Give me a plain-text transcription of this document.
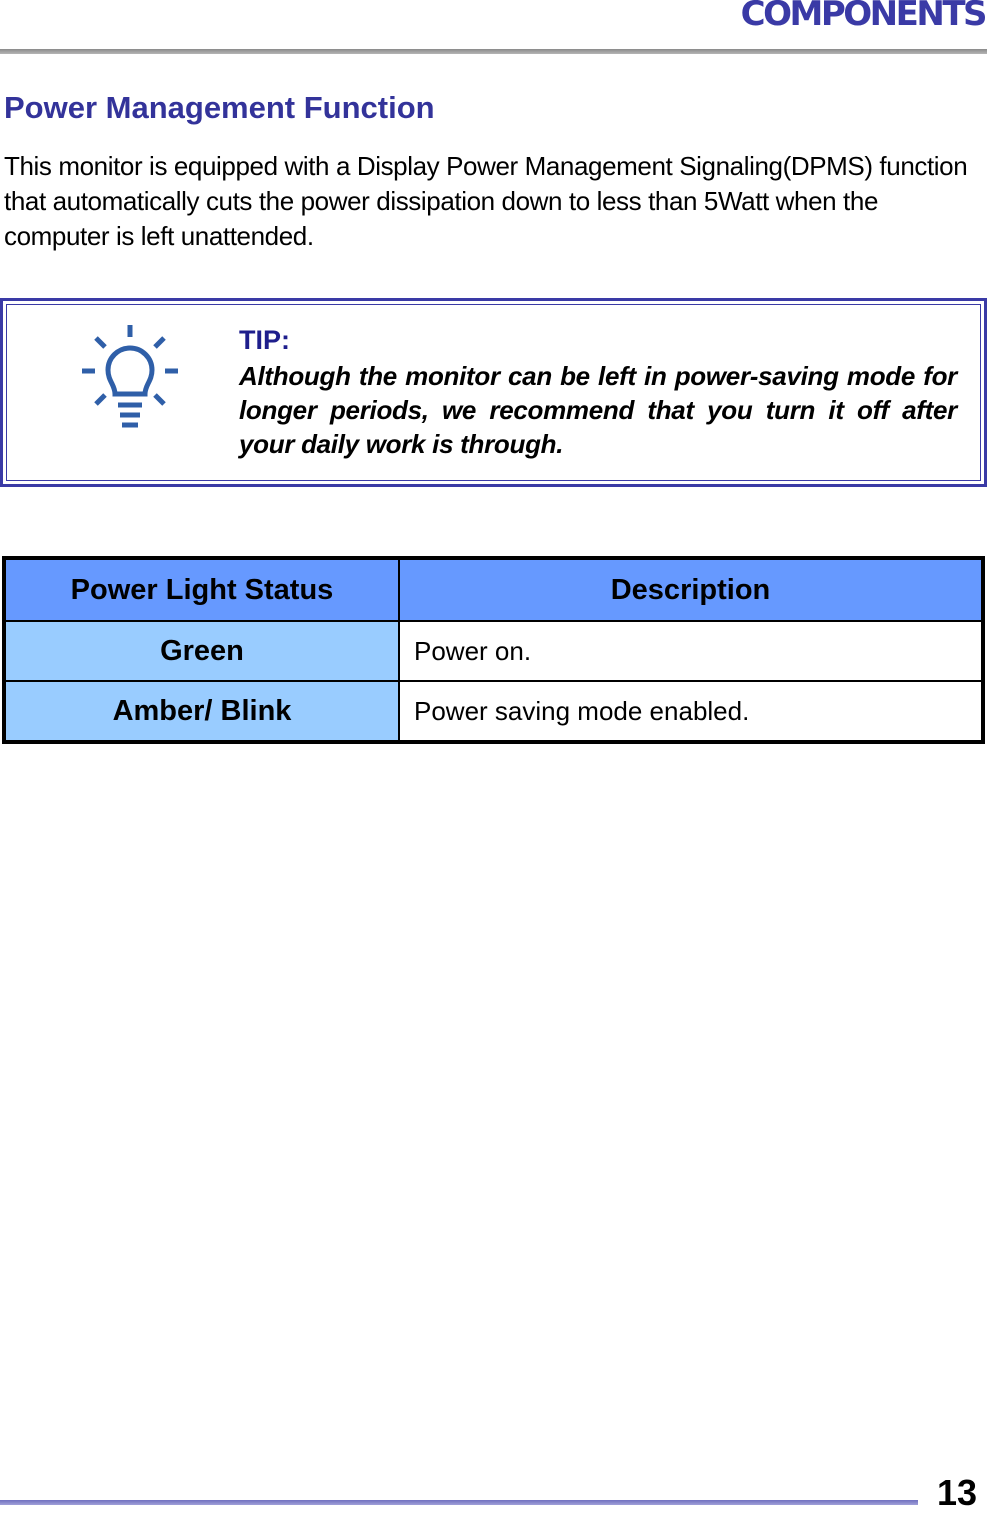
COMPONENTS
Power Management Function

This monitor is equipped with a Display Power Management Signaling(DPMS) function that automatically cuts the power dissipation down to less than 5Watt when the computer is left unattended.

TIP:

Although the monitor can be left in power-saving mode for longer periods, we recommend that you turn it off after your daily work is through.

Power Light Status	Description
Green	Power on.
Amber/ Blink	Power saving mode enabled.
13
